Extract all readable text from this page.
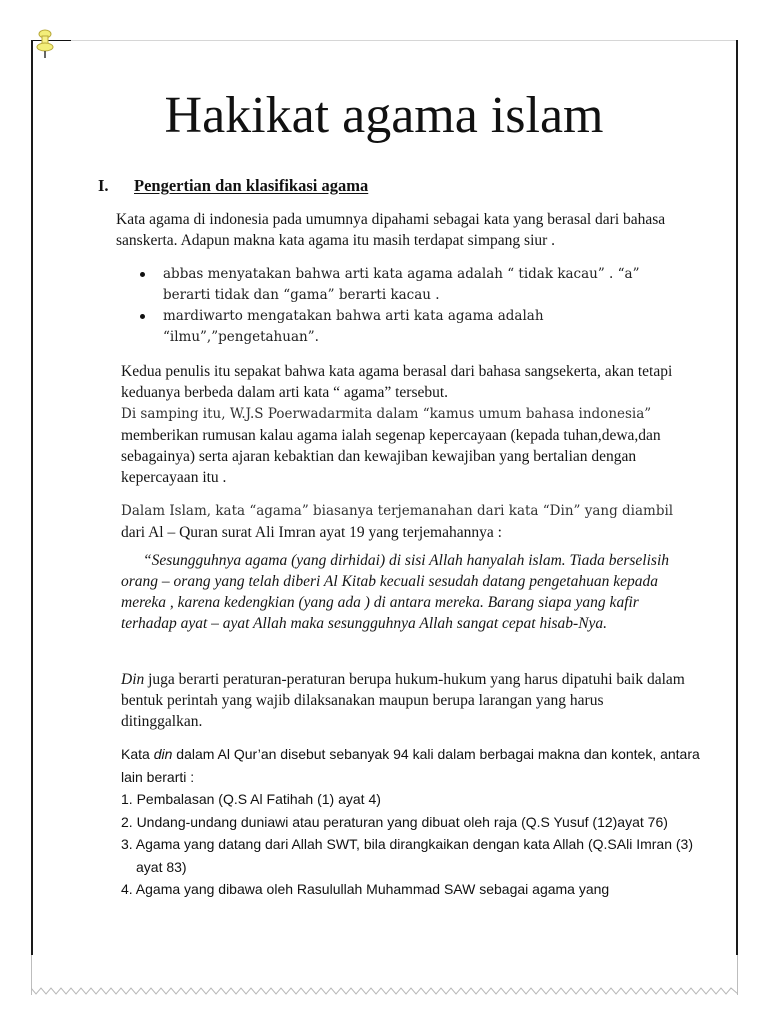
Hakikat agama islam
I. Pengertian dan klasifikasi agama

Kata agama di indonesia pada umumnya dipahami sebagai kata yang berasal dari bahasa sanskerta. Adapun makna kata agama itu masih terdapat simpang siur .

abbas menyatakan bahwa arti kata agama adalah “ tidak kacau” . “a” berarti tidak dan “gama” berarti kacau .
mardiwarto mengatakan bahwa arti kata agama adalah “ilmu”,”pengetahuan”.

Kedua penulis itu sepakat bahwa kata agama berasal dari bahasa sangsekerta, akan tetapi keduanya berbeda dalam arti kata “ agama” tersebut.
Di samping itu, W.J.S Poerwadarmita dalam “kamus umum bahasa indonesia”
memberikan rumusan kalau agama ialah segenap kepercayaan (kepada tuhan,dewa,dan sebagainya) serta ajaran kebaktian dan kewajiban kewajiban yang bertalian dengan kepercayaan itu .

Dalam Islam, kata “agama” biasanya terjemanahan dari kata “Din” yang diambil
dari Al – Quran surat Ali Imran ayat 19 yang terjemahannya :

“Sesungguhnya agama (yang dirhidai) di sisi Allah hanyalah islam. Tiada berselisih orang – orang yang telah diberi Al Kitab kecuali sesudah datang pengetahuan kepada mereka , karena kedengkian (yang ada ) di antara mereka. Barang siapa yang kafir terhadap ayat – ayat Allah maka sesungguhnya Allah sangat cepat hisab-Nya.

Din juga berarti peraturan-peraturan berupa hukum-hukum yang harus dipatuhi baik dalam bentuk perintah yang wajib dilaksanakan maupun berupa larangan yang harus ditinggalkan.

Kata din dalam Al Qur’an disebut sebanyak 94 kali dalam berbagai makna dan kontek, antara lain berarti :
1. Pembalasan (Q.S Al Fatihah (1) ayat 4)
2. Undang-undang duniawi atau peraturan yang dibuat oleh raja (Q.S Yusuf (12)ayat 76)
3. Agama yang datang dari Allah SWT, bila dirangkaikan dengan kata Allah (Q.SAli Imran (3) ayat 83)
4. Agama yang dibawa oleh Rasulullah Muhammad SAW sebagai agama yang
